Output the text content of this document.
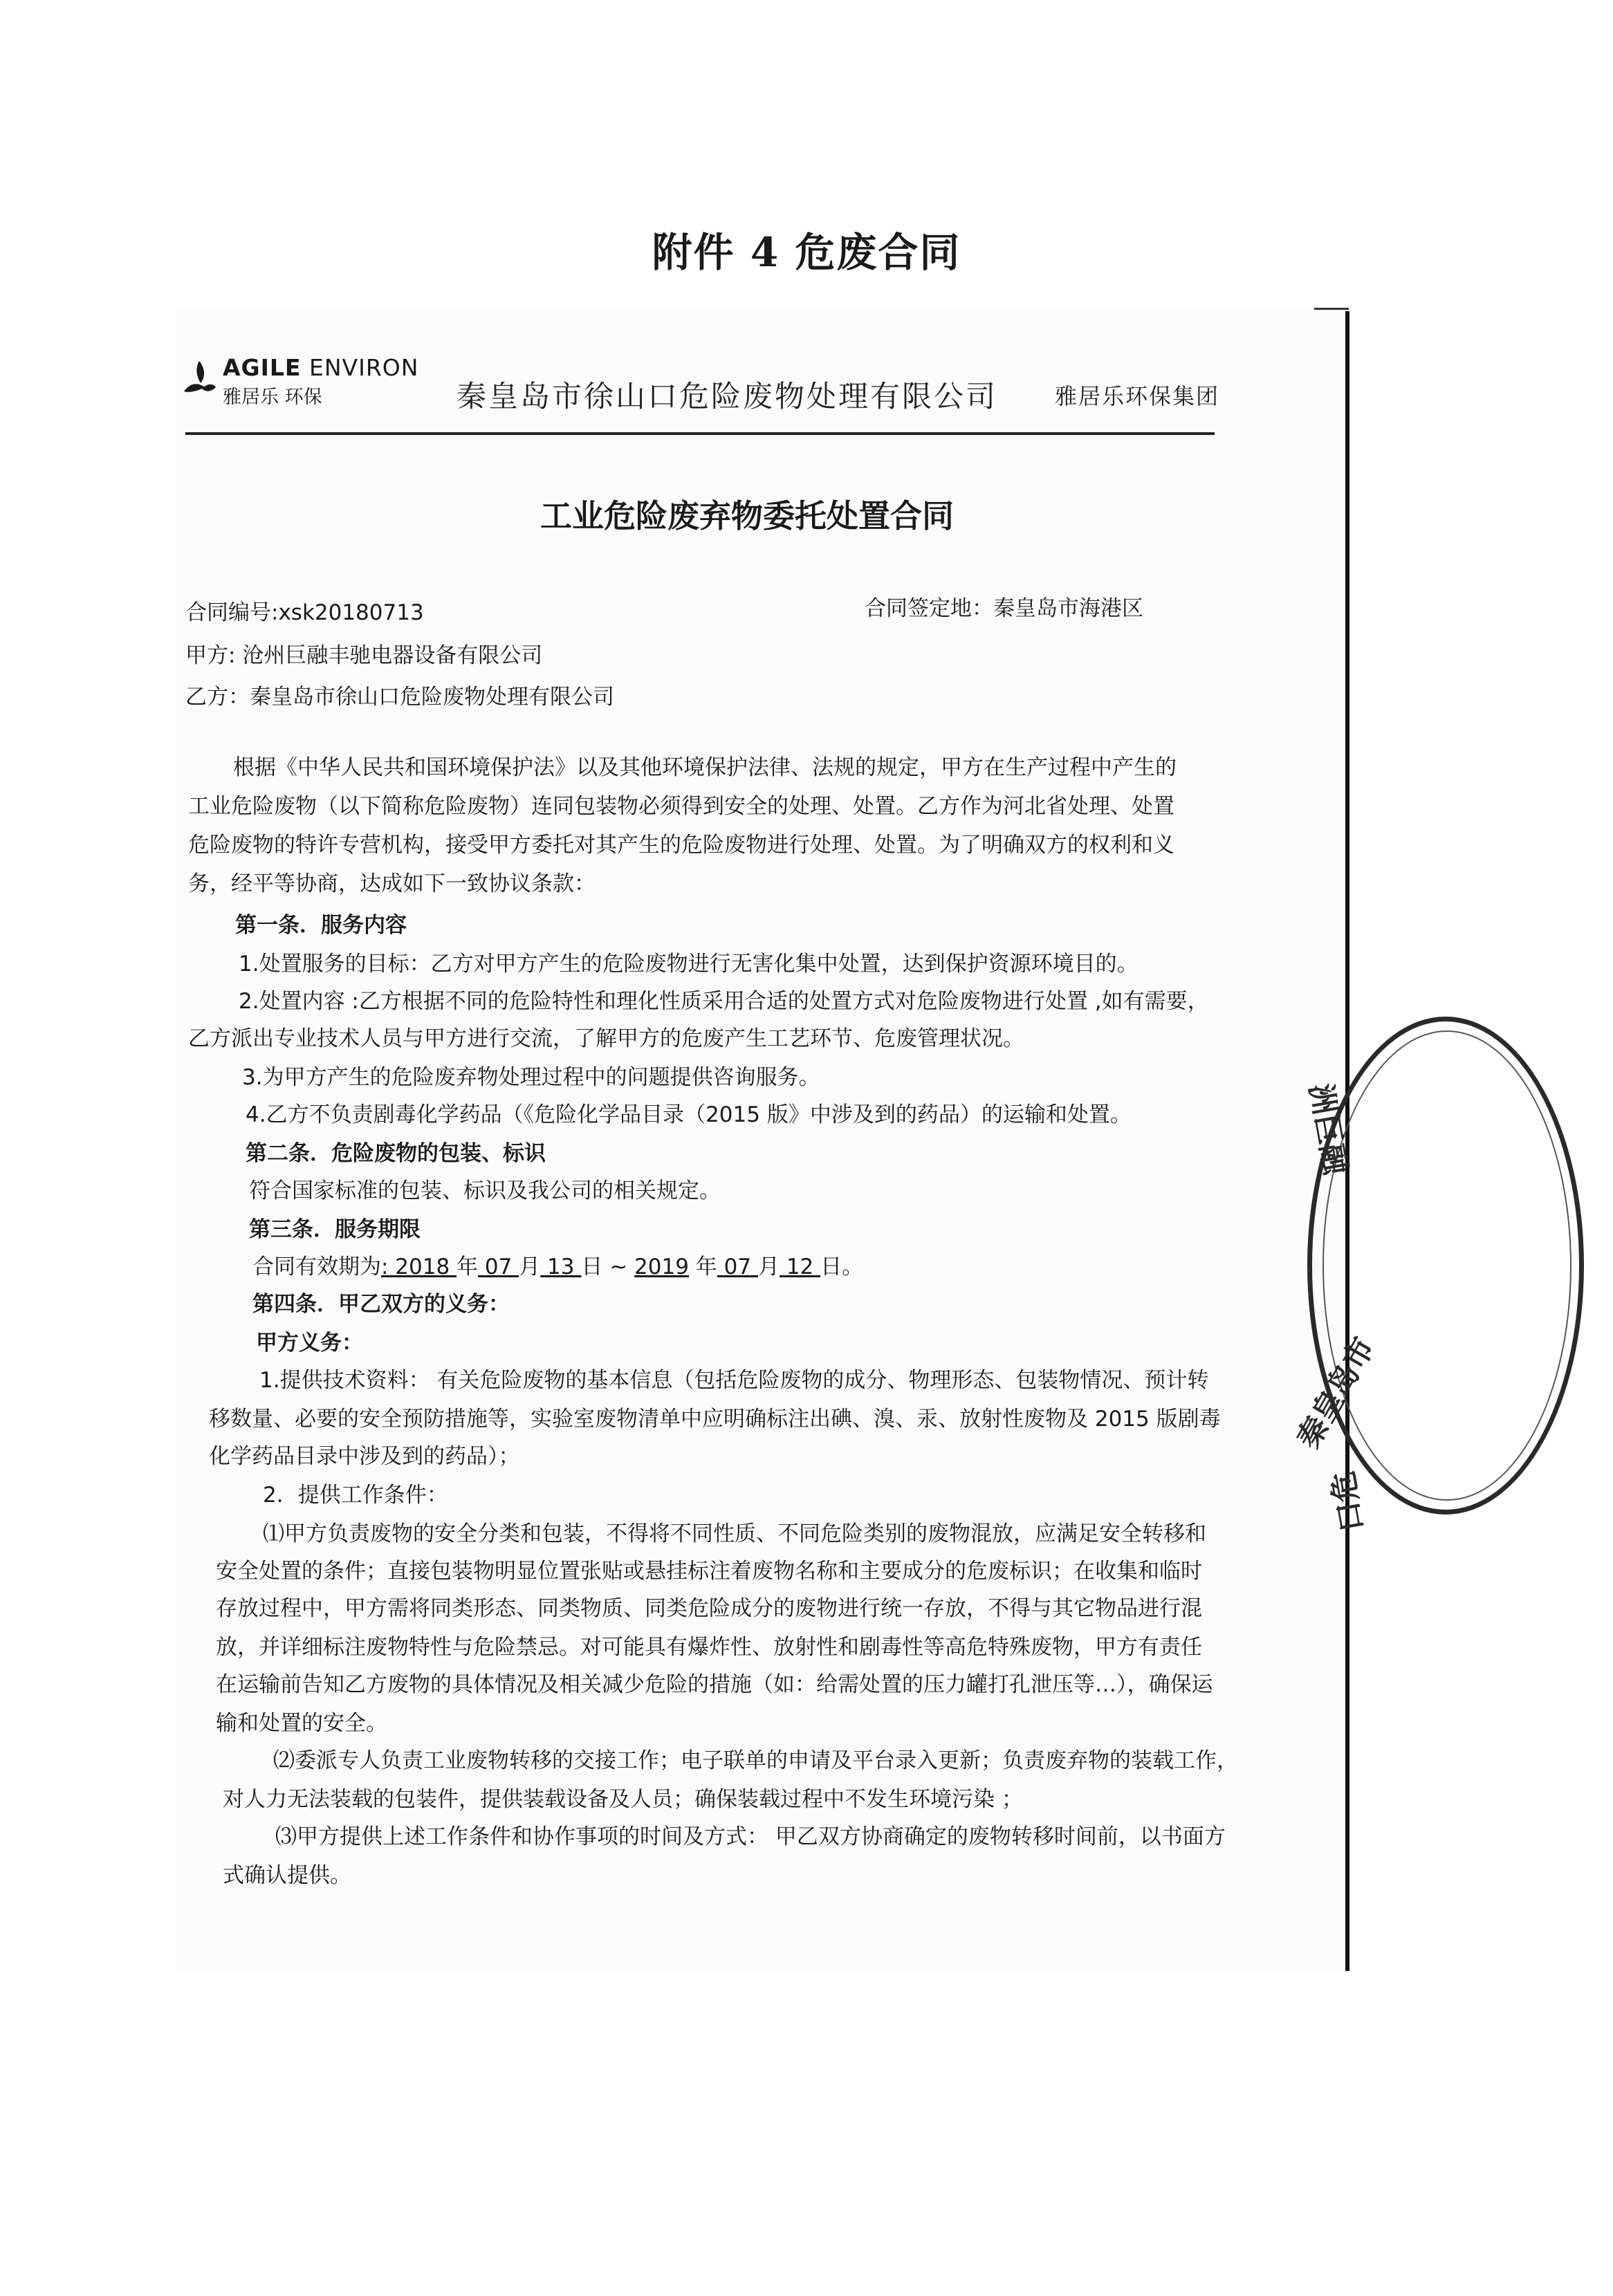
附件 4 危废合同
AGILE ENVIRON
雅居乐 环保	秦皇岛市徐山口危险废物处理有限公司	雅居乐环保集团
工业危险废弃物委托处置合同
合同编号:xsk20180713	合同签定地：秦皇岛市海港区
甲方: 沧州巨融丰驰电器设备有限公司
乙方：秦皇岛市徐山口危险废物处理有限公司
根据《中华人民共和国环境保护法》以及其他环境保护法律、法规的规定，甲方在生产过程中产生的
工业危险废物（以下简称危险废物）连同包装物必须得到安全的处理、处置。乙方作为河北省处理、处置
危险废物的特许专营机构，接受甲方委托对其产生的危险废物进行处理、处置。为了明确双方的权利和义
务，经平等协商，达成如下一致协议条款：
第一条．服务内容
1.处置服务的目标：乙方对甲方产生的危险废物进行无害化集中处置，达到保护资源环境目的。
2.处置内容 :乙方根据不同的危险特性和理化性质采用合适的处置方式对危险废物进行处置 ,如有需要，
乙方派出专业技术人员与甲方进行交流，了解甲方的危废产生工艺环节、危废管理状况。
3.为甲方产生的危险废弃物处理过程中的问题提供咨询服务。
4.乙方不负责剧毒化学药品（《危险化学品目录（2015 版》中涉及到的药品）的运输和处置。
第二条．危险废物的包装、标识
符合国家标准的包装、标识及我公司的相关规定。
第三条．服务期限
合同有效期为: 2018 年 07 月 13 日 ~ 2019 年 07 月 12 日。
第四条．甲乙双方的义务：
甲方义务：
1.提供技术资料： 有关危险废物的基本信息（包括危险废物的成分、物理形态、包装物情况、预计转
移数量、必要的安全预防措施等，实验室废物清单中应明确标注出碘、溴、汞、放射性废物及 2015 版剧毒
化学药品目录中涉及到的药品）；
2．提供工作条件：
⑴甲方负责废物的安全分类和包装，不得将不同性质、不同危险类别的废物混放，应满足安全转移和
安全处置的条件；直接包装物明显位置张贴或悬挂标注着废物名称和主要成分的危废标识；在收集和临时
存放过程中，甲方需将同类形态、同类物质、同类危险成分的废物进行统一存放，不得与其它物品进行混
放，并详细标注废物特性与危险禁忌。对可能具有爆炸性、放射性和剧毒性等高危特殊废物，甲方有责任
在运输前告知乙方废物的具体情况及相关减少危险的措施（如：给需处置的压力罐打孔泄压等…），确保运
输和处置的安全。
⑵委派专人负责工业废物转移的交接工作；电子联单的申请及平台录入更新；负责废弃物的装载工作，
对人力无法装载的包装件，提供装载设备及人员；确保装载过程中不发生环境污染 ；
⑶甲方提供上述工作条件和协作事项的时间及方式： 甲乙双方协商确定的废物转移时间前，以书面方
式确认提供。
洲巨融
秦皇岛市
口危
